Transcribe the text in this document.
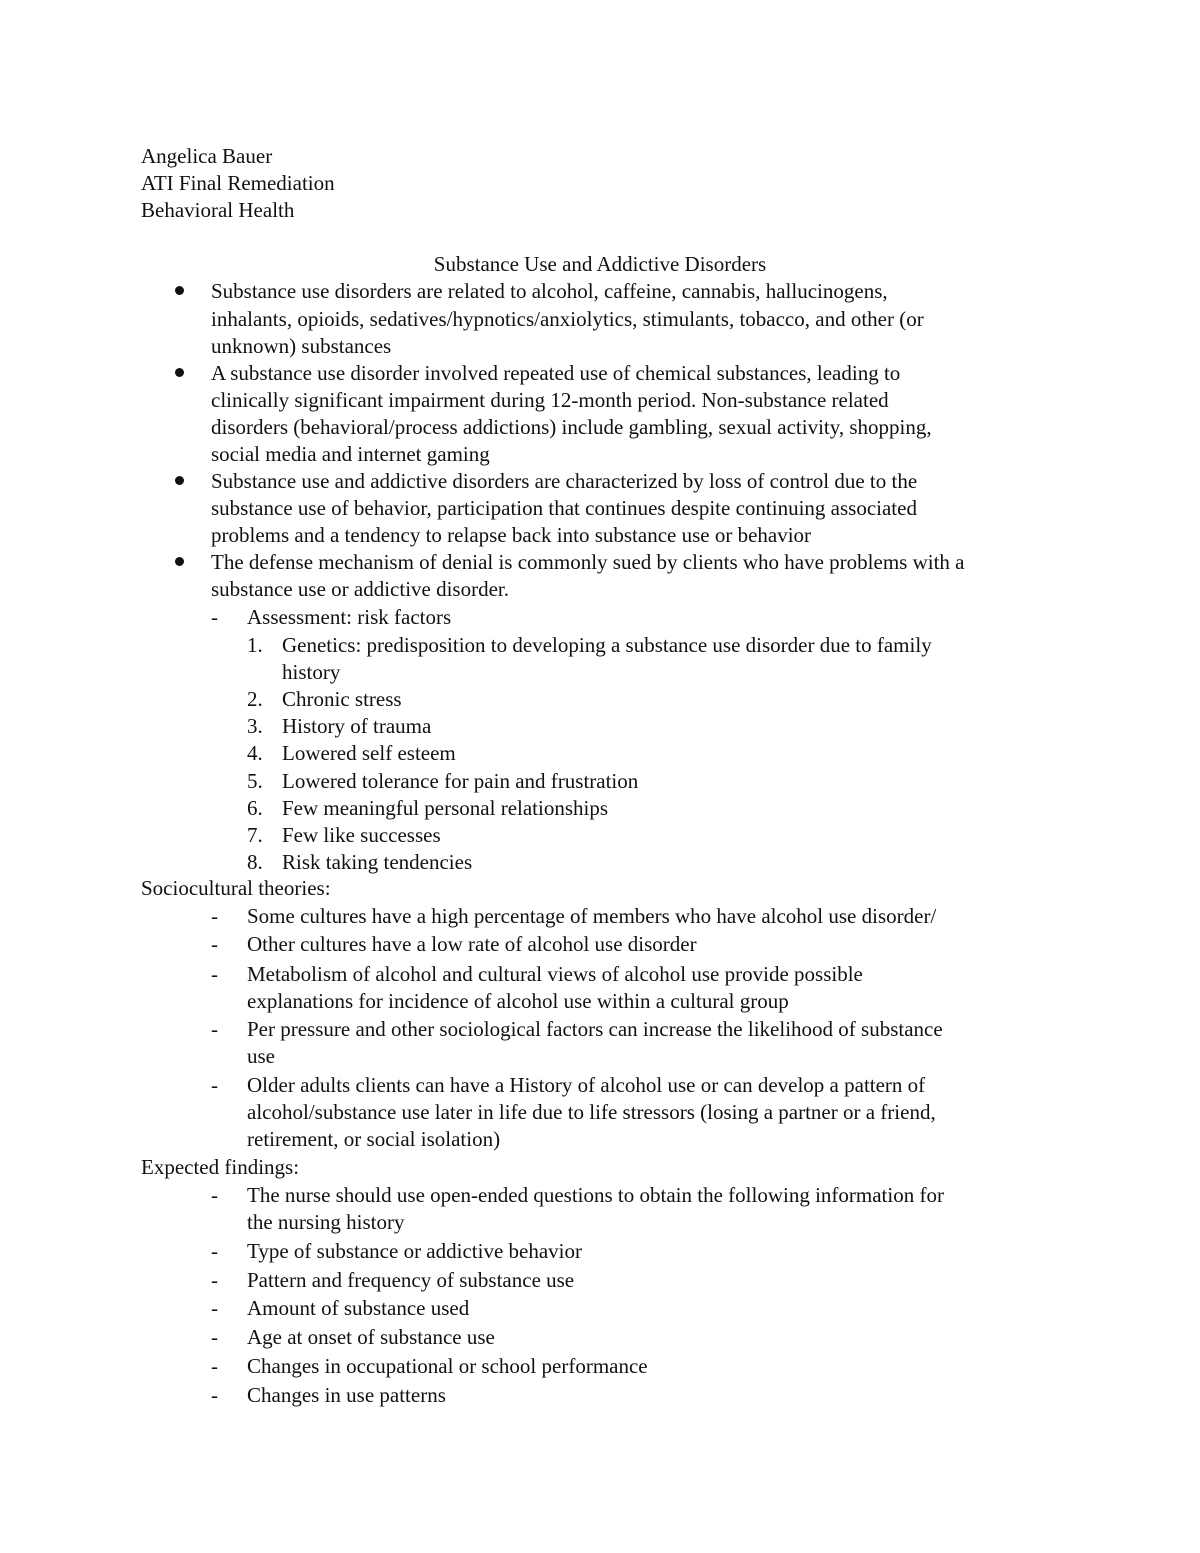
Angelica Bauer
ATI Final Remediation
Behavioral Health
Substance Use and Addictive Disorders
Substance use disorders are related to alcohol, caffeine, cannabis, hallucinogens,
inhalants, opioids, sedatives/hypnotics/anxiolytics, stimulants, tobacco, and other (or
unknown) substances
A substance use disorder involved repeated use of chemical substances, leading to
clinically significant impairment during 12-month period. Non-substance related
disorders (behavioral/process addictions) include gambling, sexual activity, shopping,
social media and internet gaming
Substance use and addictive disorders are characterized by loss of control due to the
substance use of behavior, participation that continues despite continuing associated
problems and a tendency to relapse back into substance use or behavior
The defense mechanism of denial is commonly sued by clients who have problems with a
substance use or addictive disorder.
- Assessment: risk factors
1. Genetics: predisposition to developing a substance use disorder due to family
history
2. Chronic stress
3. History of trauma
4. Lowered self esteem
5. Lowered tolerance for pain and frustration
6. Few meaningful personal relationships
7. Few like successes
8. Risk taking tendencies
Sociocultural theories:
- Some cultures have a high percentage of members who have alcohol use disorder/
- Other cultures have a low rate of alcohol use disorder
- Metabolism of alcohol and cultural views of alcohol use provide possible
explanations for incidence of alcohol use within a cultural group
- Per pressure and other sociological factors can increase the likelihood of substance
use
- Older adults clients can have a History of alcohol use or can develop a pattern of
alcohol/substance use later in life due to life stressors (losing a partner or a friend,
retirement, or social isolation)
Expected findings:
- The nurse should use open-ended questions to obtain the following information for
the nursing history
- Type of substance or addictive behavior
- Pattern and frequency of substance use
- Amount of substance used
- Age at onset of substance use
- Changes in occupational or school performance
- Changes in use patterns
